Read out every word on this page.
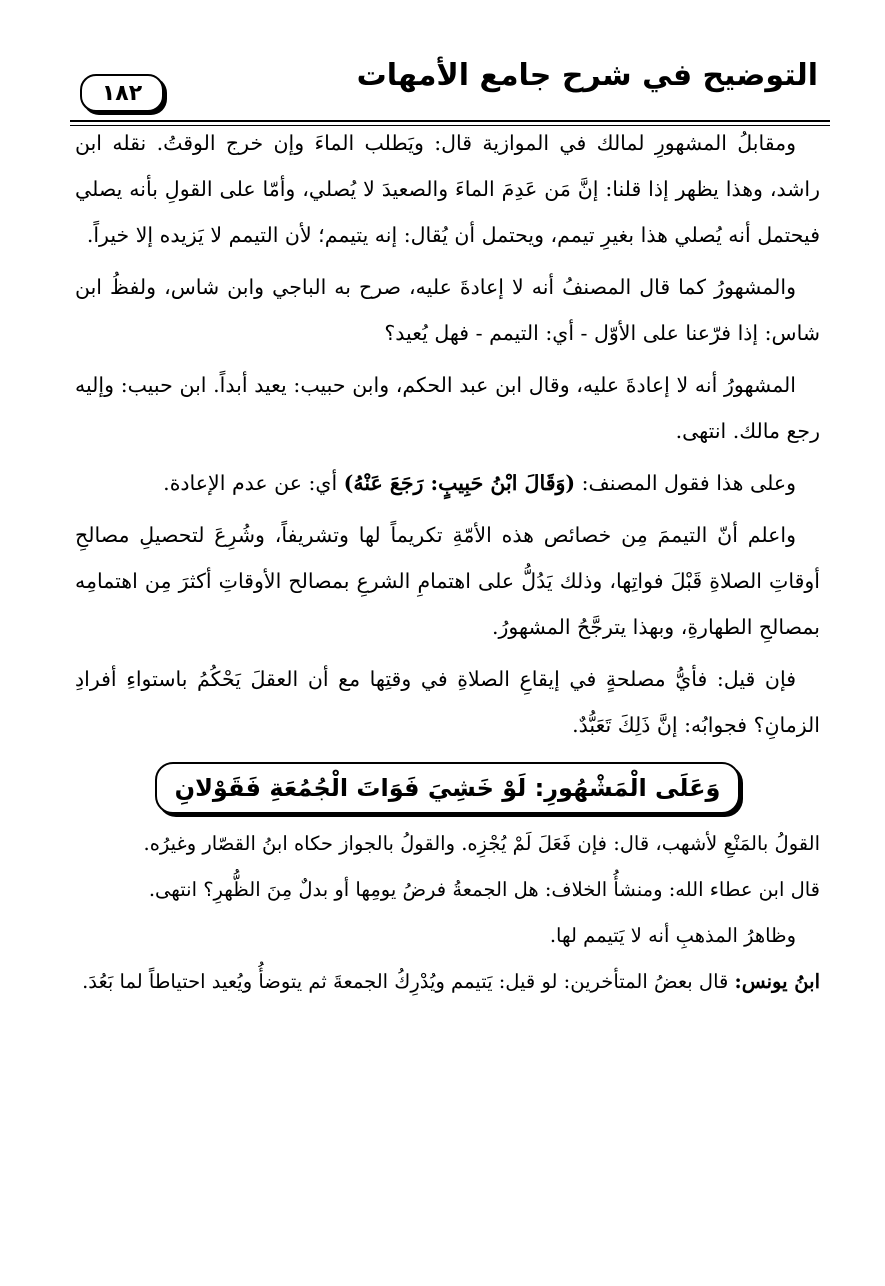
١٨٢	التوضيح في شرح جامع الأمهات

ومقابلُ المشهورِ لمالك في الموازية قال: ويَطلب الماءَ وإن خرج الوقتُ. نقله ابن راشد، وهذا يظهر إذا قلنا: إنَّ مَن عَدِمَ الماءَ والصعيدَ لا يُصلي، وأمّا على القولِ بأنه يصلي فيحتمل أنه يُصلي هذا بغيرِ تيمم، ويحتمل أن يُقال: إنه يتيمم؛ لأن التيمم لا يَزيده إلا خيراً.

والمشهورُ كما قال المصنفُ أنه لا إعادةَ عليه، صرح به الباجي وابن شاس، ولفظُ ابن شاس: إذا فرّعنا على الأوّل - أي: التيمم - فهل يُعيد؟

المشهورُ أنه لا إعادةَ عليه، وقال ابن عبد الحكم، وابن حبيب: يعيد أبداً. ابن حبيب: وإليه رجع مالك. انتهى.

وعلى هذا فقول المصنف: (وَقَالَ ابْنُ حَبِيبٍ: رَجَعَ عَنْهُ) أي: عن عدم الإعادة.

واعلم أنّ التيممَ مِن خصائص هذه الأمّةِ تكريماً لها وتشريفاً، وشُرِعَ لتحصيلِ مصالحِ أوقاتِ الصلاةِ قَبْلَ فواتِها، وذلك يَدُلُّ على اهتمامِ الشرعِ بمصالح الأوقاتِ أكثرَ مِن اهتمامِه بمصالحِ الطهارةِ، وبهذا يترجَّحُ المشهورُ.

فإن قيل: فأيُّ مصلحةٍ في إيقاعِ الصلاةِ في وقتِها مع أن العقلَ يَحْكُمُ باستواءِ أفرادِ الزمانِ؟ فجوابُه: إنَّ ذَلِكَ تَعَبُّدٌ.

وَعَلَى الْمَشْهُورِ: لَوْ خَشِيَ فَوَاتَ الْجُمُعَةِ فَقَوْلانِ

القولُ بالمَنْعِ لأشهب، قال: فإن فَعَلَ لَمْ يُجْزِه. والقولُ بالجواز حكاه ابنُ القصّار وغيرُه.

قال ابن عطاء الله: ومنشأُ الخلاف: هل الجمعةُ فرضُ يومِها أو بدلٌ مِنَ الظُّهرِ؟ انتهى.

وظاهرُ المذهبِ أنه لا يَتيمم لها.

ابنُ يونس: قال بعضُ المتأخرين: لو قيل: يَتيمم ويُدْرِكُ الجمعةَ ثم يتوضأُ ويُعيد احتياطاً لما بَعُدَ.
